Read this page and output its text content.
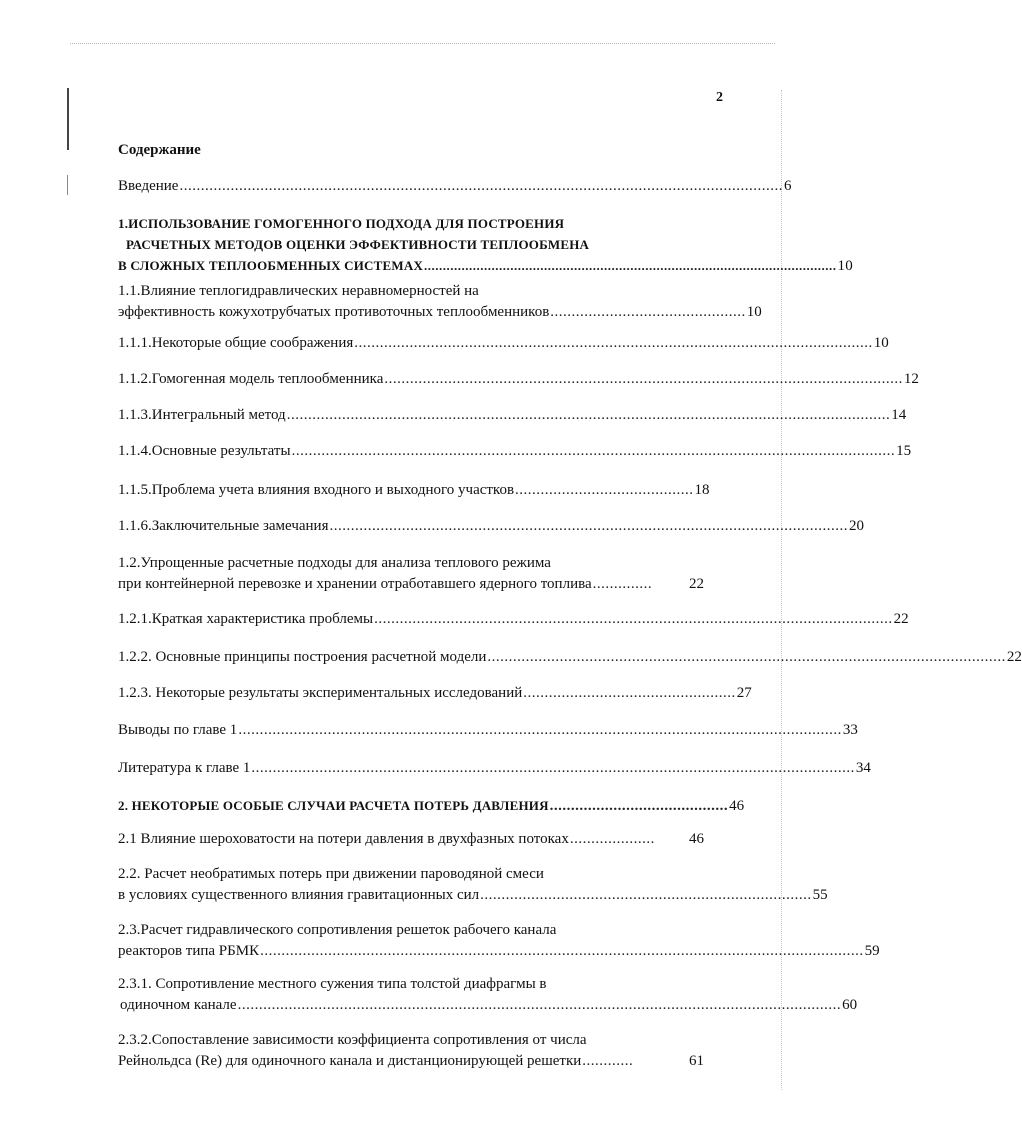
2
Содержание
Введение .............................................................................................................................................. 6
1.ИСПОЛЬЗОВАНИЕ ГОМОГЕННОГО ПОДХОДА ДЛЯ ПОСТРОЕНИЯ
РАСЧЕТНЫХ МЕТОДОВ ОЦЕНКИ ЭФФЕКТИВНОСТИ ТЕПЛООБМЕНА
В СЛОЖНЫХ ТЕПЛООБМЕННЫХ СИСТЕМАХ .............................................................................................................. 10
1.1.Влияние теплогидравлических неравномерностей на
эффективность кожухотрубчатых противоточных теплообменников .............................................. 10
1.1.1.Некоторые общие соображения .......................................................................................................................... 10
1.1.2.Гомогенная модель теплообменника .......................................................................................................................... 12
1.1.3.Интегральный метод .............................................................................................................................................. 14
1.1.4.Основные результаты .............................................................................................................................................. 15
1.1.5.Проблема учета влияния входного и выходного участков .......................................... 18
1.1.6.Заключительные замечания .......................................................................................................................... 20
1.2.Упрощенные расчетные подходы для анализа теплового режима
при контейнерной перевозке и хранении отработавшего ядерного топлива ..............	22
1.2.1.Краткая характеристика проблемы .......................................................................................................................... 22
1.2.2. Основные принципы построения расчетной модели .......................................................................................................................... 22
1.2.3. Некоторые результаты экспериментальных исследований .................................................. 27
Выводы по главе 1 .............................................................................................................................................. 33
Литература к главе 1 .............................................................................................................................................. 34
2. НЕКОТОРЫЕ ОСОБЫЕ СЛУЧАИ РАСЧЕТА ПОТЕРЬ ДАВЛЕНИЯ .......................................... 46
2.1 Влияние шероховатости на потери давления в двухфазных потоках ....................	46
2.2. Расчет необратимых потерь при движении пароводяной смеси
в условиях существенного влияния гравитационных сил .............................................................................. 55
2.3.Расчет гидравлического сопротивления решеток рабочего канала
реакторов типа РБМК .............................................................................................................................................. 59
2.3.1. Сопротивление местного сужения типа толстой диафрагмы в
одиночном канале .............................................................................................................................................. 60
2.3.2.Сопоставление зависимости коэффициента сопротивления от числа
Рейнольдса (Re) для одиночного канала и дистанционирующей решетки ............	61
